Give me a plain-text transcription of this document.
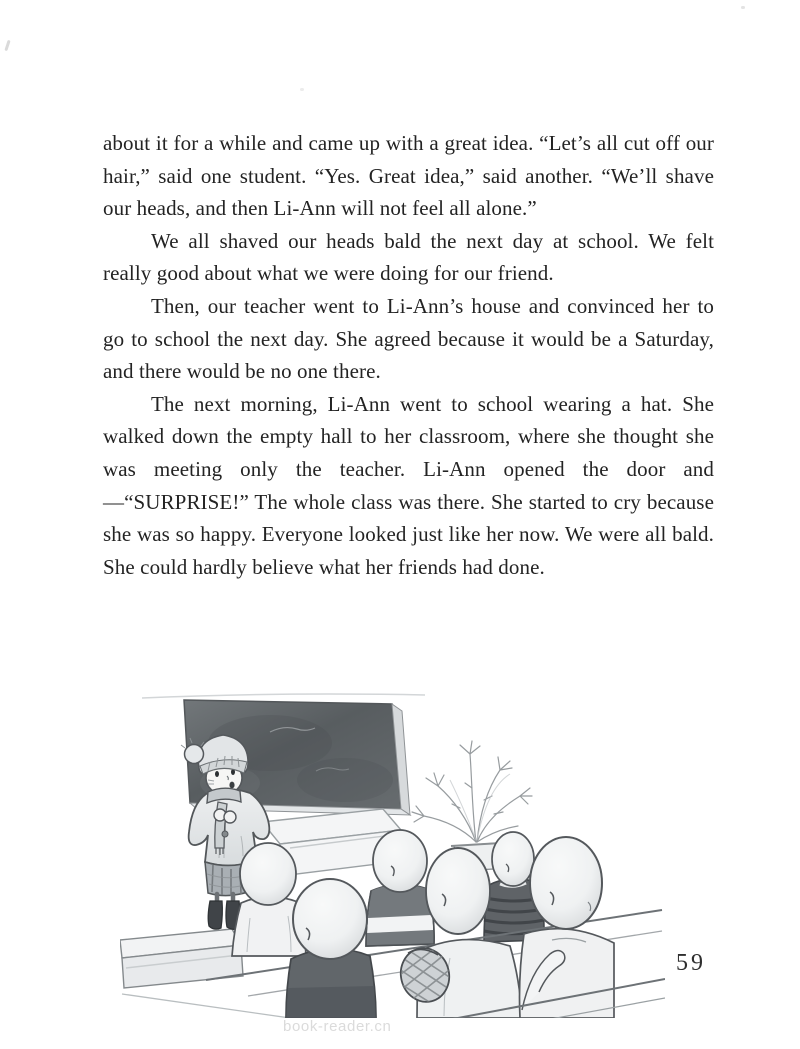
about it for a while and came up with a great idea. “Let’s all cut off our hair,” said one student. “Yes. Great idea,” said another. “We’ll shave our heads, and then Li-Ann will not feel all alone.”

We all shaved our heads bald the next day at school. We felt really good about what we were doing for our friend.

Then, our teacher went to Li-Ann’s house and convinced her to go to school the next day. She agreed because it would be a Saturday, and there would be no one there.

The next morning, Li-Ann went to school wearing a hat. She walked down the empty hall to her classroom, where she thought she was meeting only the teacher. Li-Ann opened the door and—“SURPRISE!” The whole class was there. She started to cry because she was so happy. Everyone looked just like her now. We were all bald. She could hardly believe what her friends had done.

59
book-reader.cn
